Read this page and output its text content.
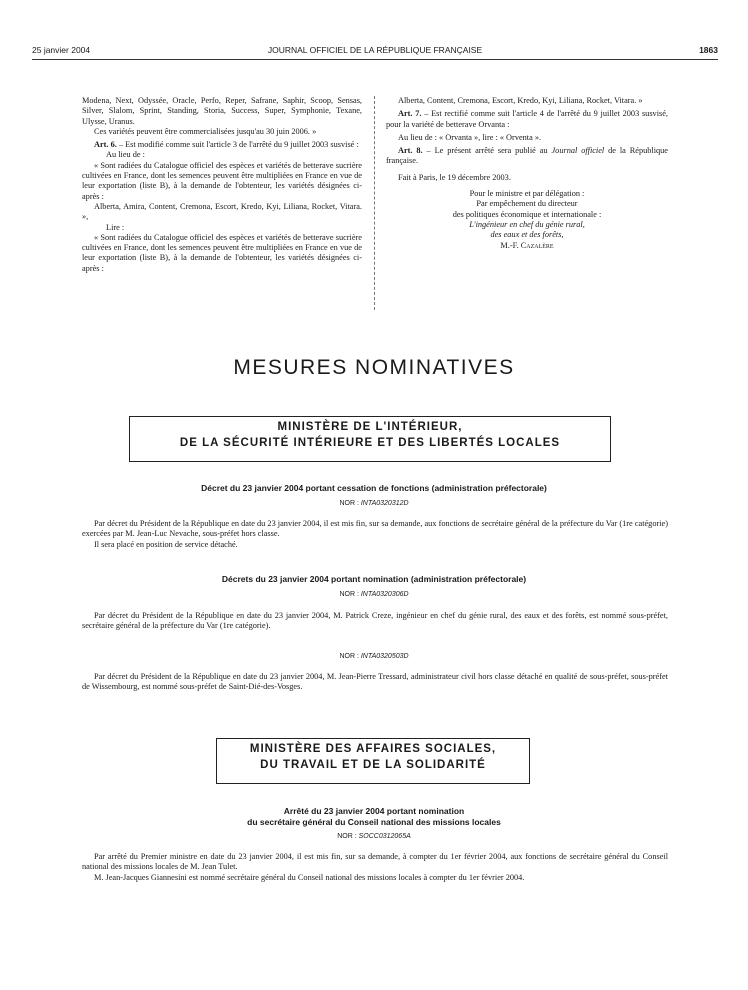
25 janvier 2004	JOURNAL OFFICIEL DE LA RÉPUBLIQUE FRANÇAISE	1863

Modena, Next, Odyssée, Oracle, Perfo, Reper, Safrane, Saphir, Scoop, Sensas, Silver, Slalom, Sprint, Standing, Storia, Success, Super, Symphonie, Texane, Ulysse, Uranus.

Ces variétés peuvent être commercialisées jusqu'au 30 juin 2006. »

Art. 6. – Est modifié comme suit l'article 3 de l'arrêté du 9 juillet 2003 susvisé :

Au lieu de :

« Sont radiées du Catalogue officiel des espèces et variétés de betterave sucrière cultivées en France, dont les semences peuvent être multipliées en France en vue de leur exportation (liste B), à la demande de l'obtenteur, les variétés désignées ci-après :

Alberta, Amira, Content, Cremona, Escort, Kredo, Kyi, Liliana, Rocket, Vitara. »,

Lire :

« Sont radiées du Catalogue officiel des espèces et variétés de betterave sucrière cultivées en France, dont les semences peuvent être multipliées en France en vue de leur exportation (liste B), à la demande de l'obtenteur, les variétés désignées ci-après :

Alberta, Content, Cremona, Escort, Kredo, Kyi, Liliana, Rocket, Vitara. »

Art. 7. – Est rectifié comme suit l'article 4 de l'arrêté du 9 juillet 2003 susvisé, pour la variété de betterave Orvanta :

Au lieu de : « Orvanta », lire : « Orventa ».

Art. 8. – Le présent arrêté sera publié au Journal officiel de la République française.

Fait à Paris, le 19 décembre 2003.

Pour le ministre et par délégation :

Par empêchement du directeur

des politiques économique et internationale :

L'ingénieur en chef du génie rural,

des eaux et des forêts,

M.-F. Cazalère

MESURES NOMINATIVES
MINISTÈRE DE L'INTÉRIEUR,
DE LA SÉCURITÉ INTÉRIEURE ET DES LIBERTÉS LOCALES
Décret du 23 janvier 2004 portant cessation de fonctions (administration préfectorale)
NOR : INTA0320312D

Par décret du Président de la République en date du 23 janvier 2004, il est mis fin, sur sa demande, aux fonctions de secrétaire général de la préfecture du Var (1re catégorie) exercées par M. Jean-Luc Nevache, sous-préfet hors classe.

Il sera placé en position de service détaché.

Décrets du 23 janvier 2004 portant nomination (administration préfectorale)
NOR : INTA0320306D

Par décret du Président de la République en date du 23 janvier 2004, M. Patrick Creze, ingénieur en chef du génie rural, des eaux et des forêts, est nommé sous-préfet, secrétaire général de la préfecture du Var (1re catégorie).

NOR : INTA0320503D

Par décret du Président de la République en date du 23 janvier 2004, M. Jean-Pierre Tressard, administrateur civil hors classe détaché en qualité de sous-préfet, sous-préfet de Wissembourg, est nommé sous-préfet de Saint-Dié-des-Vosges.

MINISTÈRE DES AFFAIRES SOCIALES,
DU TRAVAIL ET DE LA SOLIDARITÉ
Arrêté du 23 janvier 2004 portant nomination
du secrétaire général du Conseil national des missions locales
NOR : SOCC0312065A

Par arrêté du Premier ministre en date du 23 janvier 2004, il est mis fin, sur sa demande, à compter du 1er février 2004, aux fonctions de secrétaire général du Conseil national des missions locales de M. Jean Tulet.

M. Jean-Jacques Giannesini est nommé secrétaire général du Conseil national des missions locales à compter du 1er février 2004.
